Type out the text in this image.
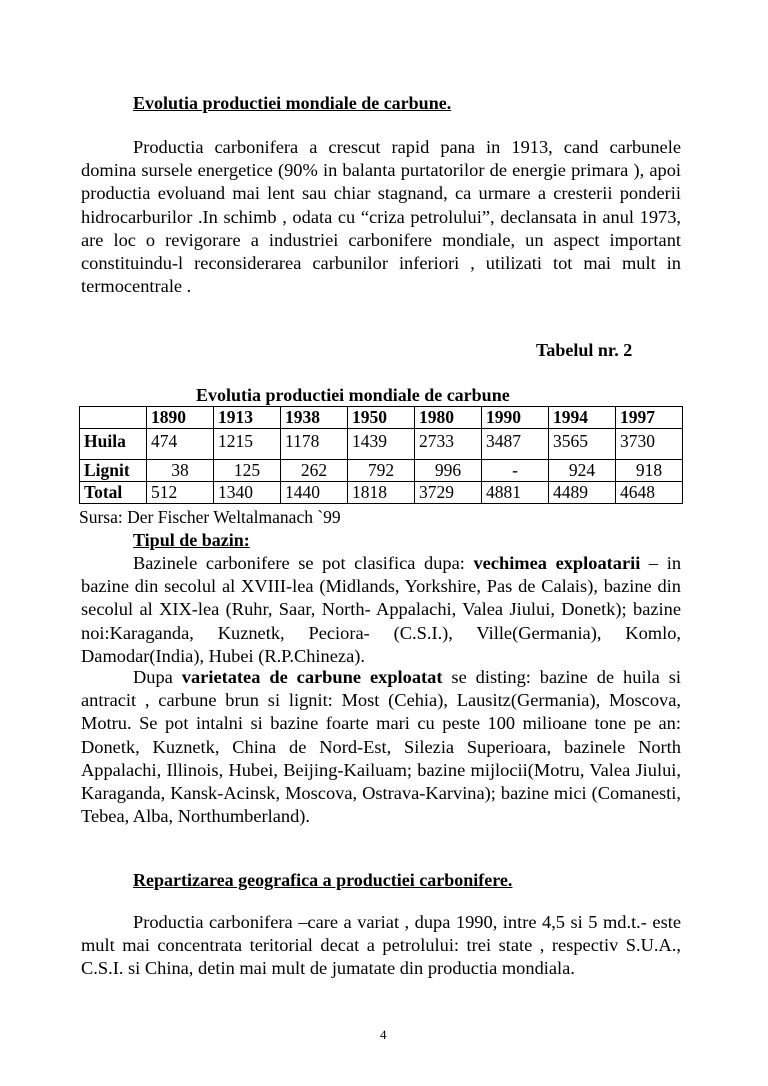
Evolutia productiei mondiale de carbune.

Productia carbonifera a crescut rapid pana in 1913, cand carbunele domina sursele energetice (90% in balanta purtatorilor de energie primara ), apoi productia evoluand mai lent sau chiar stagnand, ca urmare a cresterii ponderii hidrocarburilor .In schimb , odata cu “criza petrolului”, declansata in anul 1973, are loc o revigorare a industriei carbonifere mondiale, un aspect important constituindu-l reconsiderarea carbunilor inferiori , utilizati tot mai mult in termocentrale .

Tabelul nr. 2

Evolutia productiei mondiale de carbune

	1890	1913	1938	1950	1980	1990	1994	1997
Huila	474	1215	1178	1439	2733	3487	3565	3730
Lignit	38	125	262	792	996	-	924	918
Total	512	1340	1440	1818	3729	4881	4489	4648

Sursa: Der Fischer Weltalmanach `99

Tipul de bazin:

Bazinele carbonifere se pot clasifica dupa: vechimea exploatarii – in bazine din secolul al XVIII-lea (Midlands, Yorkshire, Pas de Calais), bazine din secolul al XIX-lea (Ruhr, Saar, North- Appalachi, Valea Jiului, Donetk); bazine noi:Karaganda, Kuznetk, Peciora- (C.S.I.), Ville(Germania), Komlo, Damodar(India), Hubei (R.P.Chineza).

Dupa varietatea de carbune exploatat se disting: bazine de huila si antracit , carbune brun si lignit: Most (Cehia), Lausitz(Germania), Moscova, Motru. Se pot intalni si bazine foarte mari cu peste 100 milioane tone pe an: Donetk, Kuznetk, China de Nord-Est, Silezia Superioara, bazinele North Appalachi, Illinois, Hubei, Beijing-Kailuam; bazine mijlocii(Motru, Valea Jiului, Karaganda, Kansk-Acinsk, Moscova, Ostrava-Karvina); bazine mici (Comanesti, Tebea, Alba, Northumberland).

Repartizarea geografica a productiei carbonifere.

Productia carbonifera –care a variat , dupa 1990, intre 4,5 si 5 md.t.- este mult mai concentrata teritorial decat a petrolului: trei state , respectiv S.U.A., C.S.I. si China, detin mai mult de jumatate din productia mondiala.

4
